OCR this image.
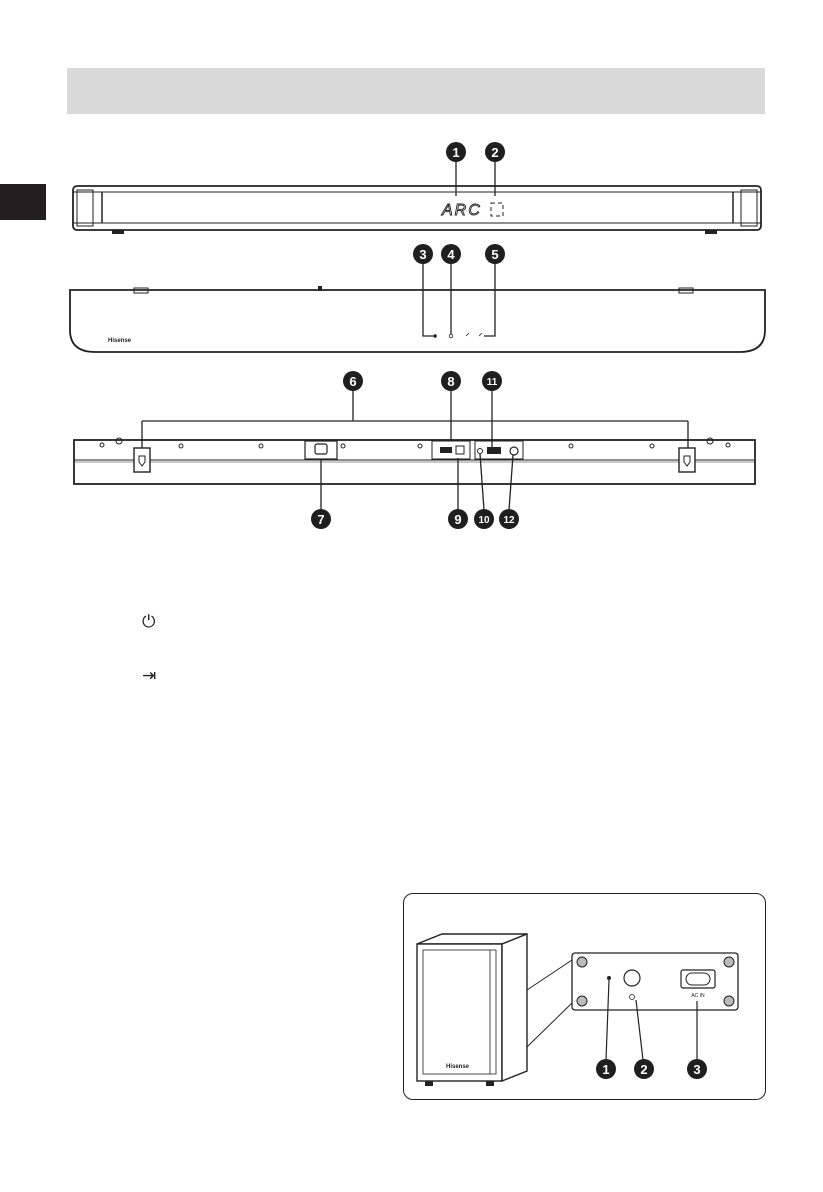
ARC
Hisense
1 2
3 4	5
6
7
8
9 10
11
12
Hisense
AC IN
1 2	3
⏻
⇥
